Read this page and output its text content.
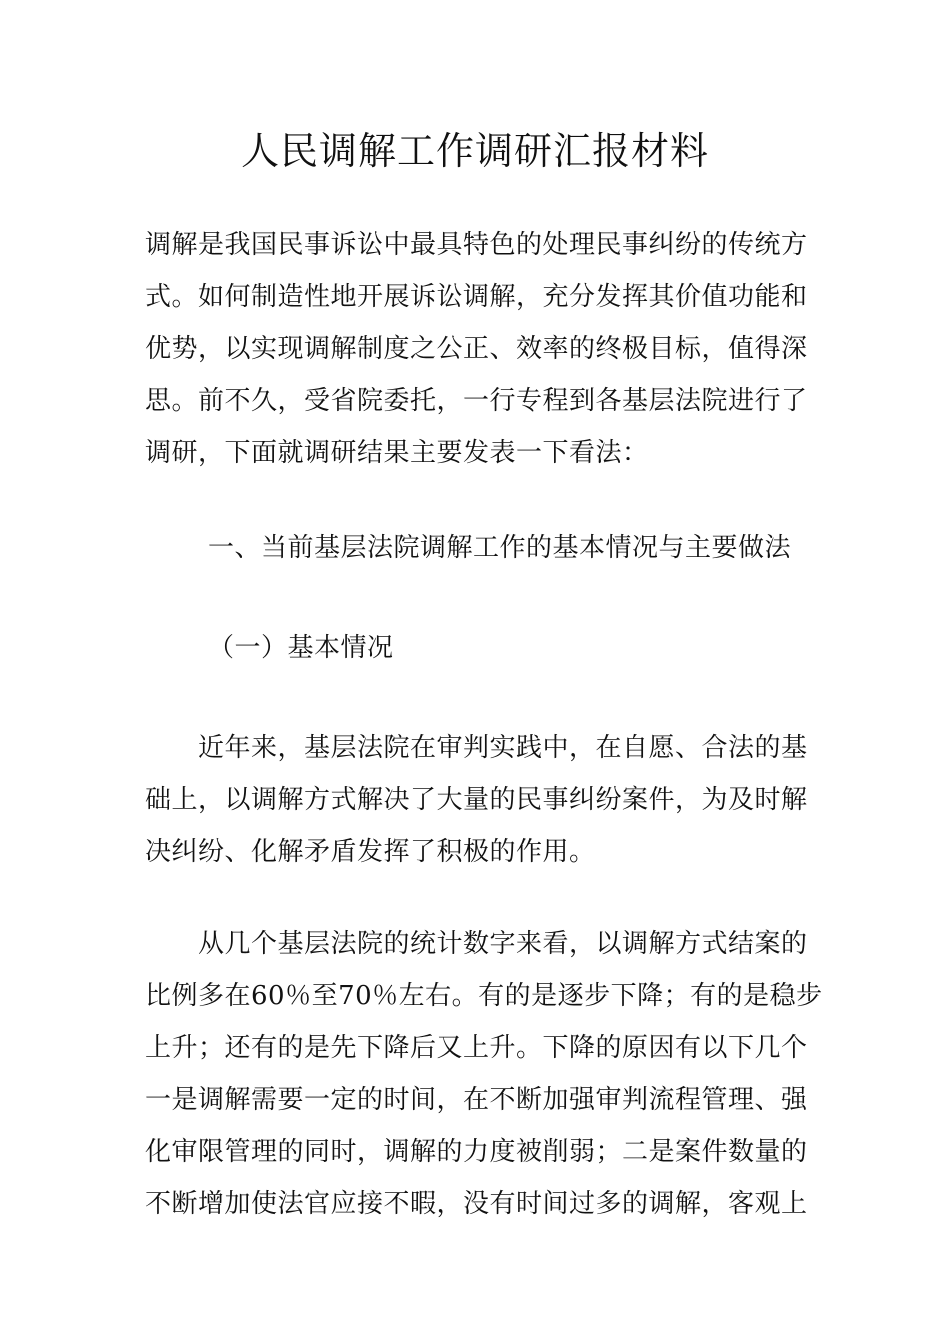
人民调解工作调研汇报材料
调解是我国民事诉讼中最具特色的处理民事纠纷的传统方
式。如何制造性地开展诉讼调解，充分发挥其价值功能和
优势，以实现调解制度之公正、效率的终极目标，值得深
思。前不久，受省院委托，一行专程到各基层法院进行了
调研，下面就调研结果主要发表一下看法：
一、当前基层法院调解工作的基本情况与主要做法
（一）基本情况
　　近年来，基层法院在审判实践中，在自愿、合法的基
础上，以调解方式解决了大量的民事纠纷案件，为及时解
决纠纷、化解矛盾发挥了积极的作用。
　　从几个基层法院的统计数字来看，以调解方式结案的
比例多在60％至70％左右。有的是逐步下降；有的是稳步
上升；还有的是先下降后又上升。下降的原因有以下几个
一是调解需要一定的时间，在不断加强审判流程管理、强
化审限管理的同时，调解的力度被削弱；二是案件数量的
不断增加使法官应接不暇，没有时间过多的调解，客观上
